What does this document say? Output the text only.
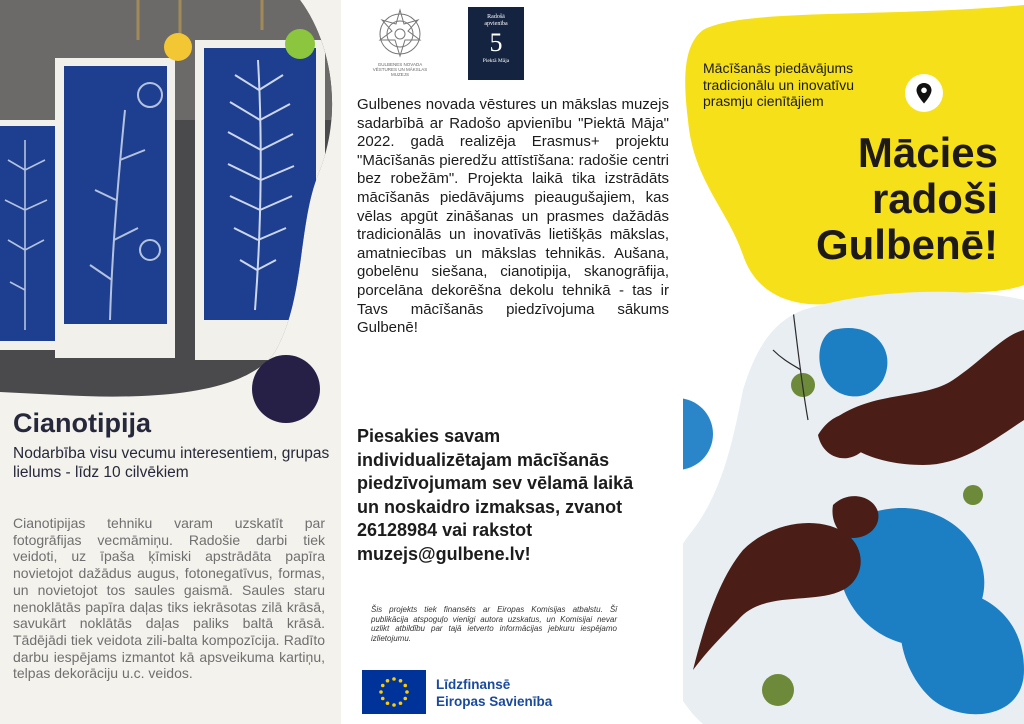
Cianotipija

Nodarbība visu vecumu interesentiem, grupas lielums - līdz 10 cilvēkiem

Cianotipijas tehniku varam uzskatīt par fotogrāfijas vecmāmiņu. Radošie darbi tiek veidoti, uz īpaša ķīmiski apstrādāta papīra novietojot dažādus augus, fotonegatīvus, formas, un novietojot tos saules gaismā. Saules staru nenoklātās papīra daļas tiks iekrāsotas zilā krāsā, savukārt noklātās daļas paliks baltā krāsā. Tādējādi tiek veidota zili-balta kompozīcija. Radīto darbu iespējams izmantot kā apsveikuma kartiņu, telpas dekorāciju u.c. veidos.

GULBENES NOVADA
VĒSTURES UN MĀKSLAS MUZEJS
Radošā
apvienība
5
Piektā Māja

Gulbenes novada vēstures un mākslas muzejs sadarbībā ar Radošo apvienību "Piektā Māja" 2022. gadā realizēja Erasmus+ projektu "Mācīšanās pieredžu attīstīšana: radošie centri bez robežām". Projekta laikā tika izstrādāts mācīšanās piedāvājums pieaugušajiem, kas vēlas apgūt zināšanas un prasmes dažādās tradicionālās un inovatīvās lietišķās mākslas, amatniecības un mākslas tehnikās. Aušana, gobelēnu siešana, cianotipija, skanogrāfija, porcelāna dekorēšna dekolu tehnikā - tas ir Tavs mācīšanās piedzīvojuma sākums Gulbenē!

Piesakies savam individualizētajam mācīšanās piedzīvojumam sev vēlamā laikā un noskaidro izmaksas, zvanot 26128984 vai rakstot muzejs@gulbene.lv!

Šis projekts tiek finansēts ar Eiropas Komisijas atbalstu. Šī publikācija atspoguļo vienīgi autora uzskatus, un Komisijai nevar uzlikt atbildību par tajā ietverto informācijas jebkuru iespējamo izlietojumu.

Līdzfinansē
Eiropas Savienība

Mācīšanās piedāvājums tradicionālu un inovatīvu prasmju cienītājiem

Mācies
radoši
Gulbenē!
